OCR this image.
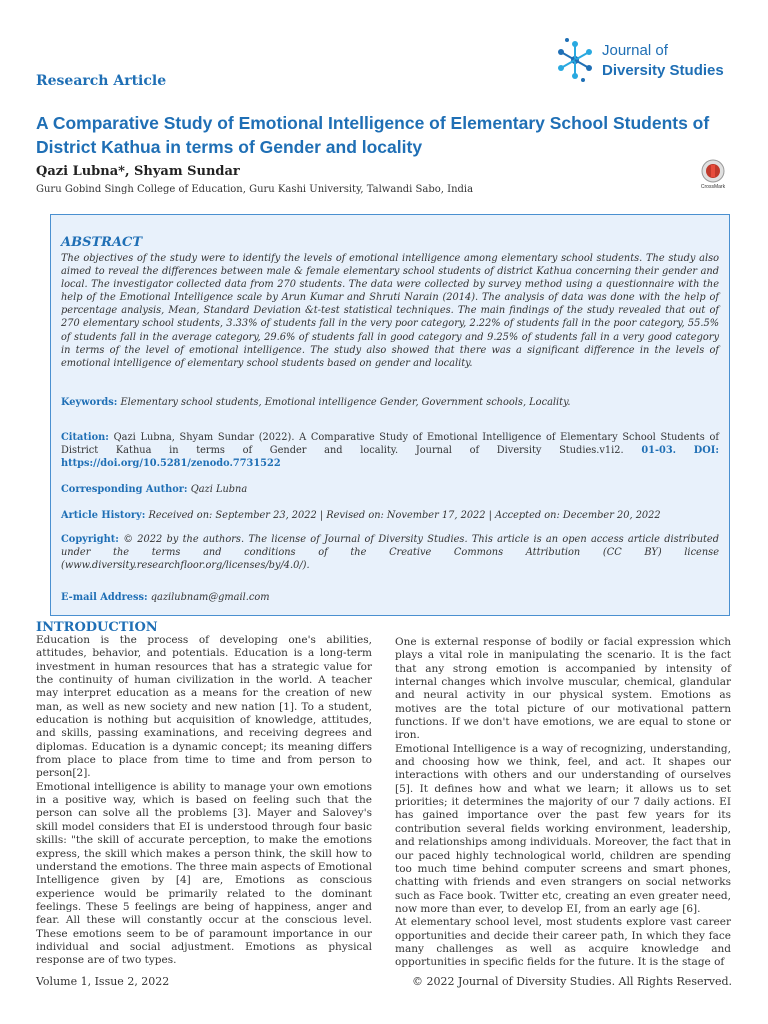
Research Article
Journal of
Diversity Studies
A Comparative Study of Emotional Intelligence of Elementary School Students of District Kathua in terms of Gender and locality
Qazi Lubna*, Shyam Sundar
Guru Gobind Singh College of Education, Guru Kashi University, Talwandi Sabo, India	CrossMark
ABSTRACT
The objectives of the study were to identify the levels of emotional intelligence among elementary school students. The study also aimed to reveal the differences between male & female elementary school students of district Kathua concerning their gender and local. The investigator collected data from 270 students. The data were collected by survey method using a questionnaire with the help of the Emotional Intelligence scale by Arun Kumar and Shruti Narain (2014). The analysis of data was done with the help of percentage analysis, Mean, Standard Deviation &t-test statistical techniques. The main findings of the study revealed that out of 270 elementary school students, 3.33% of students fall in the very poor category, 2.22% of students fall in the poor category, 55.5% of students fall in the average category, 29.6% of students fall in good category and 9.25% of students fall in a very good category in terms of the level of emotional intelligence. The study also showed that there was a significant difference in the levels of emotional intelligence of elementary school students based on gender and locality.
Keywords: Elementary school students, Emotional intelligence Gender, Government schools, Locality.
Citation: Qazi Lubna, Shyam Sundar (2022). A Comparative Study of Emotional Intelligence of Elementary School Students of District Kathua in terms of Gender and locality. Journal of Diversity Studies.v1i2. 01-03. DOI: https://doi.org/10.5281/zenodo.7731522
Corresponding Author: Qazi Lubna
Article History: Received on: September 23, 2022 | Revised on: November 17, 2022 | Accepted on: December 20, 2022
Copyright: © 2022 by the authors. The license of Journal of Diversity Studies. This article is an open access article distributed under the terms and conditions of the Creative Commons Attribution (CC BY) license (www.diversity.researchfloor.org/licenses/by/4.0/).
E-mail Address: qazilubnam@gmail.com
INTRODUCTION

Education is the process of developing one's abilities, attitudes, behavior, and potentials. Education is a long-term investment in human resources that has a strategic value for the continuity of human civilization in the world. A teacher may interpret education as a means for the creation of new man, as well as new society and new nation [1]. To a student, education is nothing but acquisition of knowledge, attitudes, and skills, passing examinations, and receiving degrees and diplomas. Education is a dynamic concept; its meaning differs from place to place from time to time and from person to person[2].

Emotional intelligence is ability to manage your own emotions in a positive way, which is based on feeling such that the person can solve all the problems [3]. Mayer and Salovey's skill model considers that EI is understood through four basic skills: "the skill of accurate perception, to make the emotions express, the skill which makes a person think, the skill how to understand the emotions. The three main aspects of Emotional Intelligence given by [4] are, Emotions as conscious experience would be primarily related to the dominant feelings. These 5 feelings are being of happiness, anger and fear. All these will constantly occur at the conscious level. These emotions seem to be of paramount importance in our individual and social adjustment. Emotions as physical response are of two types.

One is external response of bodily or facial expression which plays a vital role in manipulating the scenario. It is the fact that any strong emotion is accompanied by intensity of internal changes which involve muscular, chemical, glandular and neural activity in our physical system. Emotions as motives are the total picture of our motivational pattern functions. If we don't have emotions, we are equal to stone or iron.

Emotional Intelligence is a way of recognizing, understanding, and choosing how we think, feel, and act. It shapes our interactions with others and our understanding of ourselves [5]. It defines how and what we learn; it allows us to set priorities; it determines the majority of our 7 daily actions. EI has gained importance over the past few years for its contribution several fields working environment, leadership, and relationships among individuals. Moreover, the fact that in our paced highly technological world, children are spending too much time behind computer screens and smart phones, chatting with friends and even strangers on social networks such as Face book. Twitter etc, creating an even greater need, now more than ever, to develop EI, from an early age [6].

At elementary school level, most students explore vast career opportunities and decide their career path, In which they face many challenges as well as acquire knowledge and opportunities in specific fields for the future. It is the stage of

Volume 1, Issue 2, 2022	© 2022 Journal of Diversity Studies. All Rights Reserved.
